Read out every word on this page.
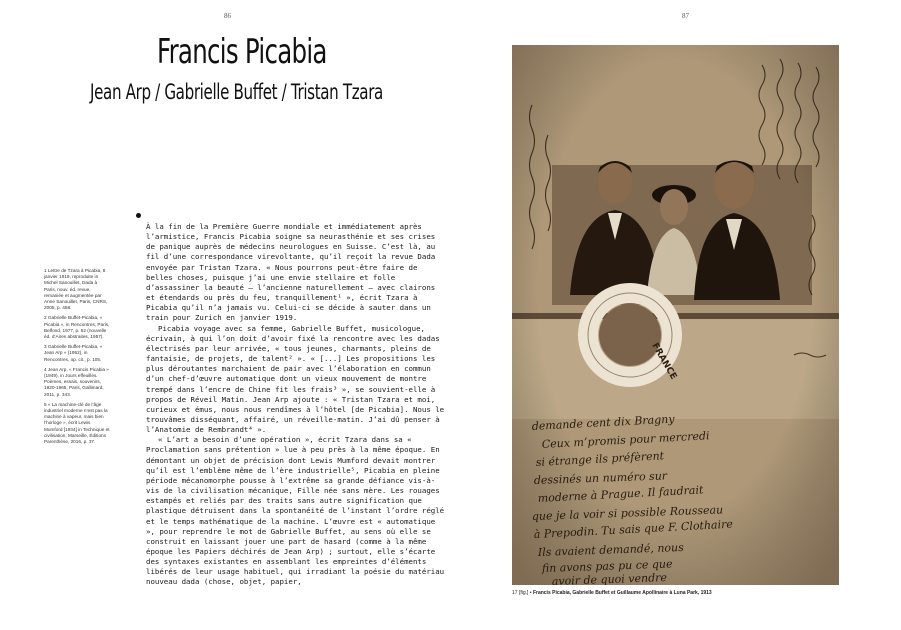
86
Francis Picabia
Jean Arp / Gabrielle Buffet / Tristan Tzara

1 Lettre de Tzara à Picabia, 8 janvier 1919, reproduite in Michel Sanouillet, Dada à Paris, nouv. éd. revue, remaniée et augmentée par Anne Sanouillet, Paris, CNRS, 2005, p. 458.

2 Gabrielle Buffet-Picabia, « Picabia », in Rencontres, Paris, Belfond, 1977, p. 52 (nouvelle éd. d’Aires abstraites, 1957).

3 Gabrielle Buffet-Picabia, « Jean Arp » (1952), in Rencontres, op. cit., p. 105.

4 Jean Arp, « Francis Picabia » (1949), in Jours effeuillés. Poèmes, essais, souvenirs, 1920-1965, Paris, Gallimard, 2011, p. 343.

5 « La machine-clé de l’âge industriel moderne n’est pas la machine à vapeur, mais bien l’horloge », écrit Lewis Mumford [1934] in Technique et civilisation, Marseille, Éditions Parenthèse, 2016, p. 37.

À la fin de la Première Guerre mondiale et immédiatement après l’armistice, Francis Picabia soigne sa neurasthénie et ses crises de panique auprès de médecins neurologues en Suisse. C’est là, au fil d’une correspondance virevoltante, qu’il reçoit la revue Dada envoyée par Tristan Tzara. « Nous pourrons peut-être faire de belles choses, puisque j’ai une envie stellaire et folle d’assassiner la beauté – l’ancienne naturellement – avec clairons et étendards ou près du feu, tranquillement¹ », écrit Tzara à Picabia qu’il n’a jamais vu. Celui-ci se décide à sauter dans un train pour Zurich en janvier 1919.

Picabia voyage avec sa femme, Gabrielle Buffet, musicologue, écrivain, à qui l’on doit d’avoir fixé la rencontre avec les dadas électrisés par leur arrivée, « tous jeunes, charmants, pleins de fantaisie, de projets, de talent² ». « [...] Les propositions les plus déroutantes marchaient de pair avec l’élaboration en commun d’un chef-d’œuvre automatique dont un vieux mouvement de montre trempé dans l’encre de Chine fit les frais³ », se souvient-elle à propos de Réveil Matin. Jean Arp ajoute : « Tristan Tzara et moi, curieux et émus, nous nous rendîmes à l’hôtel [de Picabia]. Nous le trouvâmes disséquant, affairé, un réveille-matin. J’ai dû penser à l’Anatomie de Rembrandt⁴ ».

« L’art a besoin d’une opération », écrit Tzara dans sa « Proclamation sans prétention » lue à peu près à la même époque. En démontant un objet de précision dont Lewis Mumford devait montrer qu’il est l’emblème même de l’ère industrielle⁵, Picabia en pleine période mécanomorphe pousse à l’extrême sa grande défiance vis-à-vis de la civilisation mécanique, Fille née sans mère. Les rouages estampés et reliés par des traits sans autre signification que plastique détruisent dans la spontanéité de l’instant l’ordre réglé et le temps mathématique de la machine. L’œuvre est « automatique », pour reprendre le mot de Gabrielle Buffet, au sens où elle se construit en laissant jouer une part de hasard (comme à la même époque les Papiers déchirés de Jean Arp) ; surtout, elle s’écarte des syntaxes existantes en assemblant les empreintes d’éléments libérés de leur usage habituel, qui irradiant la poésie du matériau nouveau dada (chose, objet, papier,

87
17 [fig.] • Francis Picabia, Gabrielle Buffet et Guillaume Apollinaire à Luna Park, 1913
